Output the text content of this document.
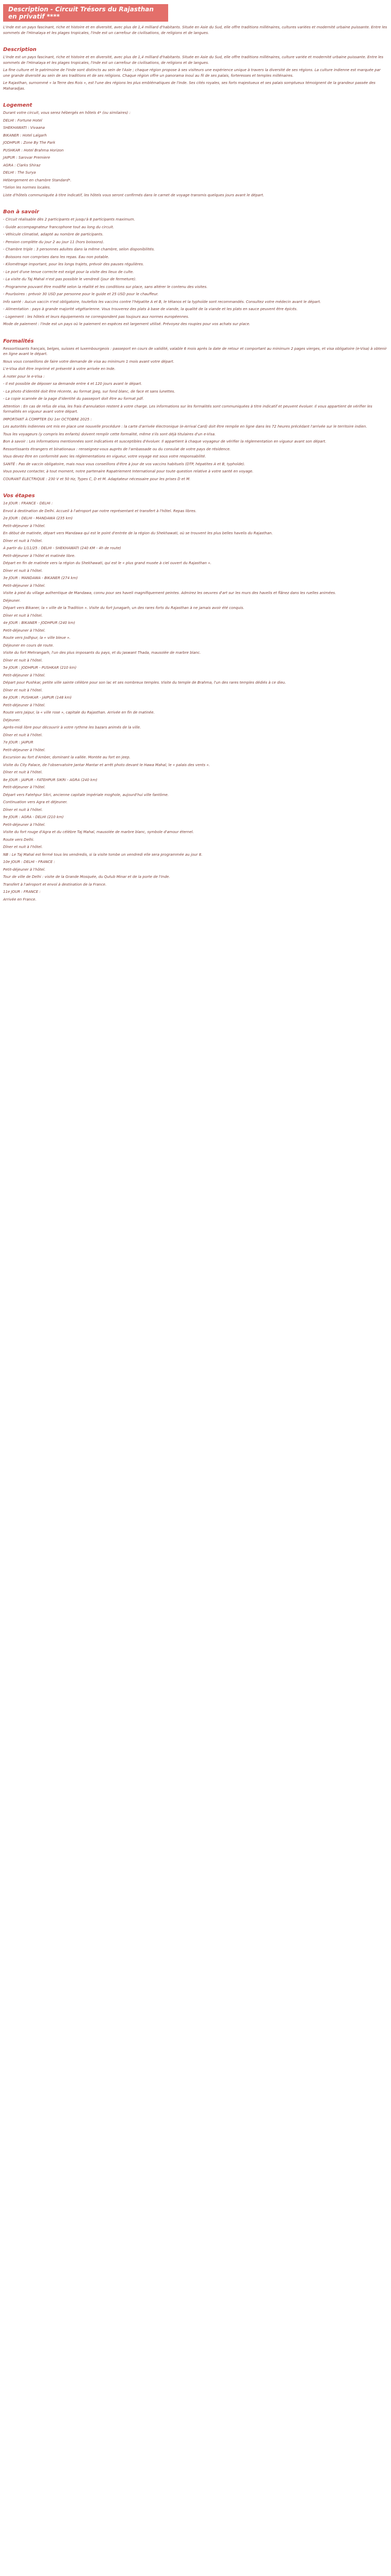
Description - Circuit Trésors du Rajasthan en privatif ****

L'Inde est un pays fascinant, riche et histoire et en diversité, avec plus de 1,4 milliard d'habitants. Située en Asie du Sud, elle offre traditions millénaires, cultures variées et modernité urbaine puissante. Entre les sommets de l'Himalaya et les plages tropicales, l'Inde est un carrefour de civilisations, de religions et de langues.

Description

L'Inde est un pays fascinant, riche et histoire et en diversité, avec plus de 1,4 milliard d'habitants. Située en Asie du Sud, elle offre traditions millénaires, culture variée et modernité urbaine puissante. Entre les sommets de l'Himalaya et les plages tropicales, l'Inde est un carrefour de civilisations, de religions et de langues.

La fine culture et le patrimoine de l'Inde sont distincts au sein de l'Asie ; chaque région propose à ses visiteurs une expérience unique à travers la diversité de ses régions. La culture indienne est marquée par une grande diversité au sein de ses traditions et de ses religions. Chaque région offre un panorama inouï au fil de ses palais, forteresses et temples millénaires.

Le Rajasthan, surnommé « la Terre des Rois », est l'une des régions les plus emblématiques de l'Inde. Ses cités royales, ses forts majestueux et ses palais somptueux témoignent de la grandeur passée des Maharadjas.

Logement

Durant votre circuit, vous serez hébergés en hôtels 4* (ou similaires) :

DELHI : Fortune Hotel

SHEKHAWATI : Vivaana

BIKANER : Hotel Lalgarh

JODHPUR : Zone By The Park

PUSHKAR : Hotel Brahma Horizon

JAIPUR : Sarovar Premiere

AGRA : Clarks Shiraz

DELHI : The Surya

Hébergement en chambre Standard*.

*Selon les normes locales.

Liste d'hôtels communiquée à titre indicatif, les hôtels vous seront confirmés dans le carnet de voyage transmis quelques jours avant le départ.

Bon à savoir

- Circuit réalisable dès 2 participants et jusqu'à 8 participants maximum.

- Guide accompagnateur francophone tout au long du circuit.

- Véhicule climatisé, adapté au nombre de participants.

- Pension complète du jour 2 au jour 11 (hors boissons).

- Chambre triple : 3 personnes adultes dans la même chambre, selon disponibilités.

- Boissons non comprises dans les repas. Eau non potable.

- Kilométrage important, pour les longs trajets, prévoir des pauses régulières.

- Le port d'une tenue correcte est exigé pour la visite des lieux de culte.

- La visite du Taj Mahal n'est pas possible le vendredi (jour de fermeture).

- Programme pouvant être modifié selon la réalité et les conditions sur place, sans altérer le contenu des visites.

- Pourboires : prévoir 30 USD par personne pour le guide et 25 USD pour le chauffeur.

Info santé : Aucun vaccin n'est obligatoire, toutefois les vaccins contre l'hépatite A et B, le tétanos et la typhoïde sont recommandés. Consultez votre médecin avant le départ.

- Alimentation : pays à grande majorité végétarienne. Vous trouverez des plats à base de viande, la qualité de la viande et les plats en sauce peuvent être épicés.

- Logement : les hôtels et leurs équipements ne correspondent pas toujours aux normes européennes.

Mode de paiement : l'Inde est un pays où le paiement en espèces est largement utilisé. Prévoyez des roupies pour vos achats sur place.

Formalités

Ressortissants français, belges, suisses et luxembourgeois : passeport en cours de validité, valable 6 mois après la date de retour et comportant au minimum 2 pages vierges, et visa obligatoire (e-Visa) à obtenir en ligne avant le départ.

Nous vous conseillons de faire votre demande de visa au minimum 1 mois avant votre départ.

L'e-Visa doit être imprimé et présenté à votre arrivée en Inde.

À noter pour le e-Visa :

- Il est possible de déposer sa demande entre 4 et 120 jours avant le départ.

- La photo d'identité doit être récente, au format jpeg, sur fond blanc, de face et sans lunettes.

- La copie scannée de la page d'identité du passeport doit être au format pdf.

Attention : En cas de refus de visa, les frais d'annulation restent à votre charge. Les informations sur les formalités sont communiquées à titre indicatif et peuvent évoluer. Il vous appartient de vérifier les formalités en vigueur avant votre départ.

IMPORTANT À COMPTER DU 1er OCTOBRE 2025 :

Les autorités indiennes ont mis en place une nouvelle procédure : la carte d'arrivée électronique (e-Arrival Card) doit être remplie en ligne dans les 72 heures précédant l'arrivée sur le territoire indien.

Tous les voyageurs (y compris les enfants) doivent remplir cette formalité, même s'ils sont déjà titulaires d'un e-Visa.

Bon à savoir : Les informations mentionnées sont indicatives et susceptibles d'évoluer. Il appartient à chaque voyageur de vérifier la réglementation en vigueur avant son départ.

Ressortissants étrangers et binationaux : renseignez-vous auprès de l'ambassade ou du consulat de votre pays de résidence.

Vous devez être en conformité avec les réglementations en vigueur, votre voyage est sous votre responsabilité.

SANTÉ : Pas de vaccin obligatoire, mais nous vous conseillons d'être à jour de vos vaccins habituels (DTP, hépatites A et B, typhoïde).

Vous pouvez contacter, à tout moment, notre partenaire Rapatriement International pour toute question relative à votre santé en voyage.

COURANT ÉLECTRIQUE : 230 V et 50 Hz, Types C, D et M. Adaptateur nécessaire pour les prises D et M.

Vos étapes

1e JOUR : FRANCE - DELHI :

Envol à destination de Delhi. Accueil à l'aéroport par notre représentant et transfert à l'hôtel. Repas libres.

2e JOUR : DELHI - MANDAWA (235 km)

Petit-déjeuner à l'hôtel.

En début de matinée, départ vers Mandawa qui est le point d'entrée de la région du Shekhawati, où se trouvent les plus belles havelis du Rajasthan.

Dîner et nuit à l'hôtel.

À partir du 1/11/25 : DELHI - SHEKHAWATI (240 KM - 4h de route)

Petit-déjeuner à l'hôtel et matinée libre.

Départ en fin de matinée vers la région du Shekhawati, qui est le « plus grand musée à ciel ouvert du Rajasthan ».

Dîner et nuit à l'hôtel.

3e JOUR : MANDAWA - BIKANER (274 km)

Petit-déjeuner à l'hôtel.

Visite à pied du village authentique de Mandawa, connu pour ses haveli magnifiquement peintes. Admirez les oeuvres d'art sur les murs des havelis et flânez dans les ruelles animées.

Déjeuner.

Départ vers Bikaner, la « ville de la Tradition ». Visite du fort Junagarh, un des rares forts du Rajasthan à ne jamais avoir été conquis.

Dîner et nuit à l'hôtel.

4e JOUR : BIKANER - JODHPUR (240 km)

Petit-déjeuner à l'hôtel.

Route vers Jodhpur, la « ville bleue ».

Déjeuner en cours de route.

Visite du fort Mehrangarh, l'un des plus imposants du pays, et du Jaswant Thada, mausolée de marbre blanc.

Dîner et nuit à l'hôtel.

5e JOUR : JODHPUR - PUSHKAR (210 km)

Petit-déjeuner à l'hôtel.

Départ pour Pushkar, petite ville sainte célèbre pour son lac et ses nombreux temples. Visite du temple de Brahma, l'un des rares temples dédiés à ce dieu.

Dîner et nuit à l'hôtel.

6e JOUR : PUSHKAR - JAIPUR (148 km)

Petit-déjeuner à l'hôtel.

Route vers Jaipur, la « ville rose », capitale du Rajasthan. Arrivée en fin de matinée.

Déjeuner.

Après-midi libre pour découvrir à votre rythme les bazars animés de la ville.

Dîner et nuit à l'hôtel.

7e JOUR : JAIPUR

Petit-déjeuner à l'hôtel.

Excursion au fort d'Amber, dominant la vallée. Montée au fort en jeep.

Visite du City Palace, de l'observatoire Jantar Mantar et arrêt photo devant le Hawa Mahal, le « palais des vents ».

Dîner et nuit à l'hôtel.

8e JOUR : JAIPUR - FATEHPUR SIKRI - AGRA (240 km)

Petit-déjeuner à l'hôtel.

Départ vers Fatehpur Sikri, ancienne capitale impériale moghole, aujourd'hui ville fantôme.

Continuation vers Agra et déjeuner.

Dîner et nuit à l'hôtel.

9e JOUR : AGRA - DELHI (210 km)

Petit-déjeuner à l'hôtel.

Visite du fort rouge d'Agra et du célèbre Taj Mahal, mausolée de marbre blanc, symbole d'amour éternel.

Route vers Delhi.

Dîner et nuit à l'hôtel.

NB : Le Taj Mahal est fermé tous les vendredis, si la visite tombe un vendredi elle sera programmée au jour 8.

10e JOUR : DELHI - FRANCE :

Petit-déjeuner à l'hôtel.

Tour de ville de Delhi : visite de la Grande Mosquée, du Qutub Minar et de la porte de l'Inde.

Transfert à l'aéroport et envol à destination de la France.

11e JOUR : FRANCE :

Arrivée en France.
